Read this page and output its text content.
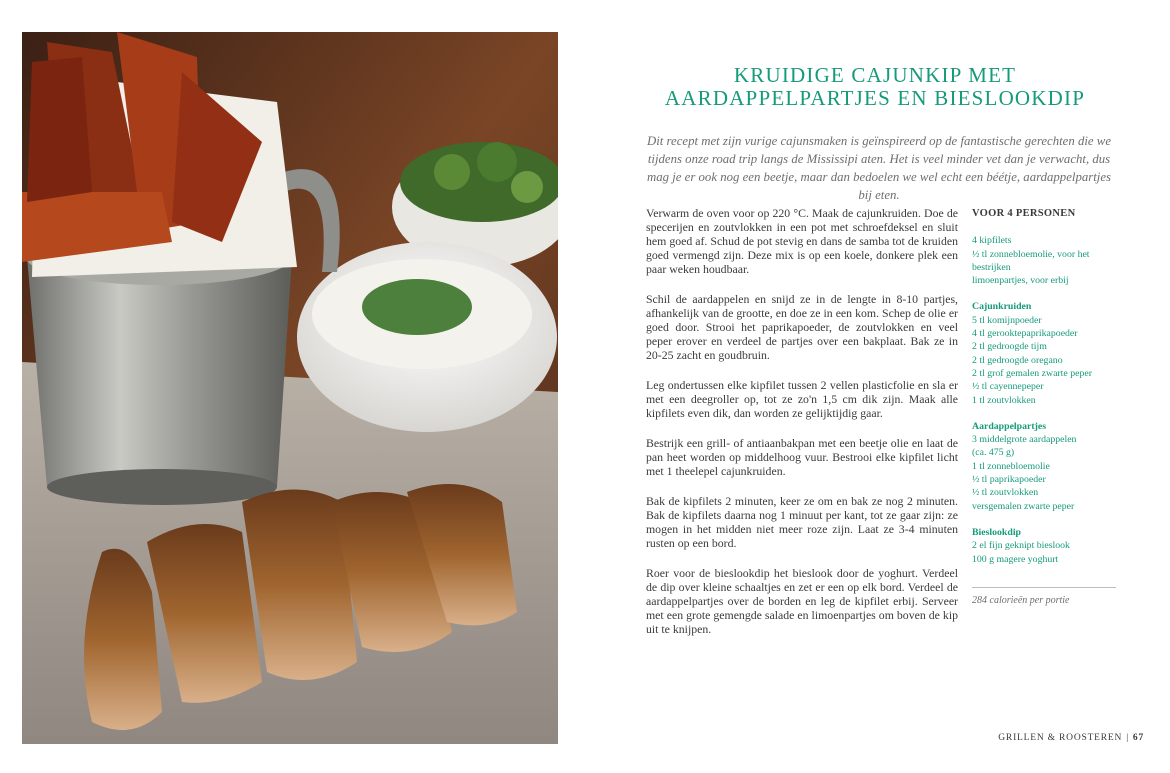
KRUIDIGE CAJUNKIP MET
AARDAPPELPARTJES EN BIESLOOKDIP
Dit recept met zijn vurige cajunsmaken is geïnspireerd op de fantastische gerechten die we tijdens onze road trip langs de Mississipi aten. Het is veel minder vet dan je verwacht, dus mag je er ook nog een beetje, maar dan bedoelen we wel echt een béétje, aardappelpartjes bij eten.

Verwarm de oven voor op 220 °C. Maak de cajunkruiden. Doe de specerijen en zoutvlokken in een pot met schroefdeksel en sluit hem goed af. Schud de pot stevig en dans de samba tot de kruiden goed vermengd zijn. Deze mix is op een koele, donkere plek een paar weken houdbaar.

Schil de aardappelen en snijd ze in de lengte in 8-10 partjes, afhankelijk van de grootte, en doe ze in een kom. Schep de olie er goed door. Strooi het paprikapoeder, de zoutvlokken en veel peper erover en verdeel de partjes over een bakplaat. Bak ze in 20-25 zacht en goudbruin.

Leg ondertussen elke kipfilet tussen 2 vellen plasticfolie en sla er met een deegroller op, tot ze zo'n 1,5 cm dik zijn. Maak alle kipfilets even dik, dan worden ze gelijktijdig gaar.

Bestrijk een grill- of antiaanbakpan met een beetje olie en laat de pan heet worden op middelhoog vuur. Bestrooi elke kipfilet licht met 1 theelepel cajunkruiden.

Bak de kipfilets 2 minuten, keer ze om en bak ze nog 2 minuten. Bak de kipfilets daarna nog 1 minuut per kant, tot ze gaar zijn: ze mogen in het midden niet meer roze zijn. Laat ze 3-4 minuten rusten op een bord.

Roer voor de bieslookdip het bieslook door de yoghurt. Verdeel de dip over kleine schaaltjes en zet er een op elk bord. Verdeel de aardappelpartjes over de borden en leg de kipfilet erbij. Serveer met een grote gemengde salade en limoenpartjes om boven de kip uit te knijpen.

VOOR 4 PERSONEN
4 kipfilets
½ tl zonnebloemolie, voor het
bestrijken
limoenpartjes, voor erbij
Cajunkruiden
5 tl komijnpoeder
4 tl gerooktepaprikapoeder
2 tl gedroogde tijm
2 tl gedroogde oregano
2 tl grof gemalen zwarte peper
½ tl cayennepeper
1 tl zoutvlokken
Aardappelpartjes
3 middelgrote aardappelen
(ca. 475 g)
1 tl zonnebloemolie
½ tl paprikapoeder
½ tl zoutvlokken
versgemalen zwarte peper
Bieslookdip
2 el fijn geknipt bieslook
100 g magere yoghurt
284 calorieën per portie
GRILLEN & ROOSTEREN | 67
